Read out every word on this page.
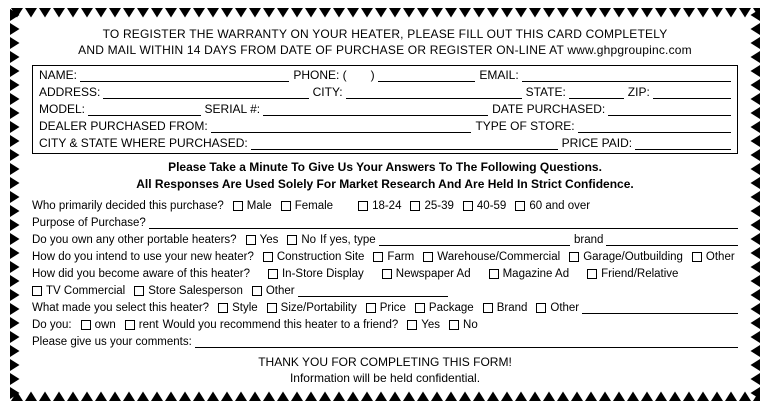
TO REGISTER THE WARRANTY ON YOUR HEATER, PLEASE FILL OUT THIS CARD COMPLETELY
AND MAIL WITHIN 14 DAYS FROM DATE OF PURCHASE OR REGISTER ON-LINE AT www.ghpgroupinc.com
NAME:	PHONE: ( )	EMAIL:
ADDRESS:	CITY:	STATE:	ZIP:
MODEL:	SERIAL #:	DATE PURCHASED:
DEALER PURCHASED FROM:	TYPE OF STORE:
CITY & STATE WHERE PURCHASED:	PRICE PAID:
Please Take a Minute To Give Us Your Answers To The Following Questions.
All Responses Are Used Solely For Market Research And Are Held In Strict Confidence.
Who primarily decided this purchase? Male Female	18-24 25-39 40-59 60 and over
Purpose of Purchase?
Do you own any other portable heaters? Yes No If yes, type	brand
How do you intend to use your new heater? Construction Site Farm Warehouse/Commercial Garage/Outbuilding Other
How did you become aware of this heater?	In-Store Display	Newspaper Ad	Magazine Ad	Friend/Relative
TV Commercial Store Salesperson Other
What made you select this heater? Style Size/Portability Price Package Brand Other
Do you: own rent Would you recommend this heater to a friend? Yes No
Please give us your comments:
THANK YOU FOR COMPLETING THIS FORM!
Information will be held confidential.
